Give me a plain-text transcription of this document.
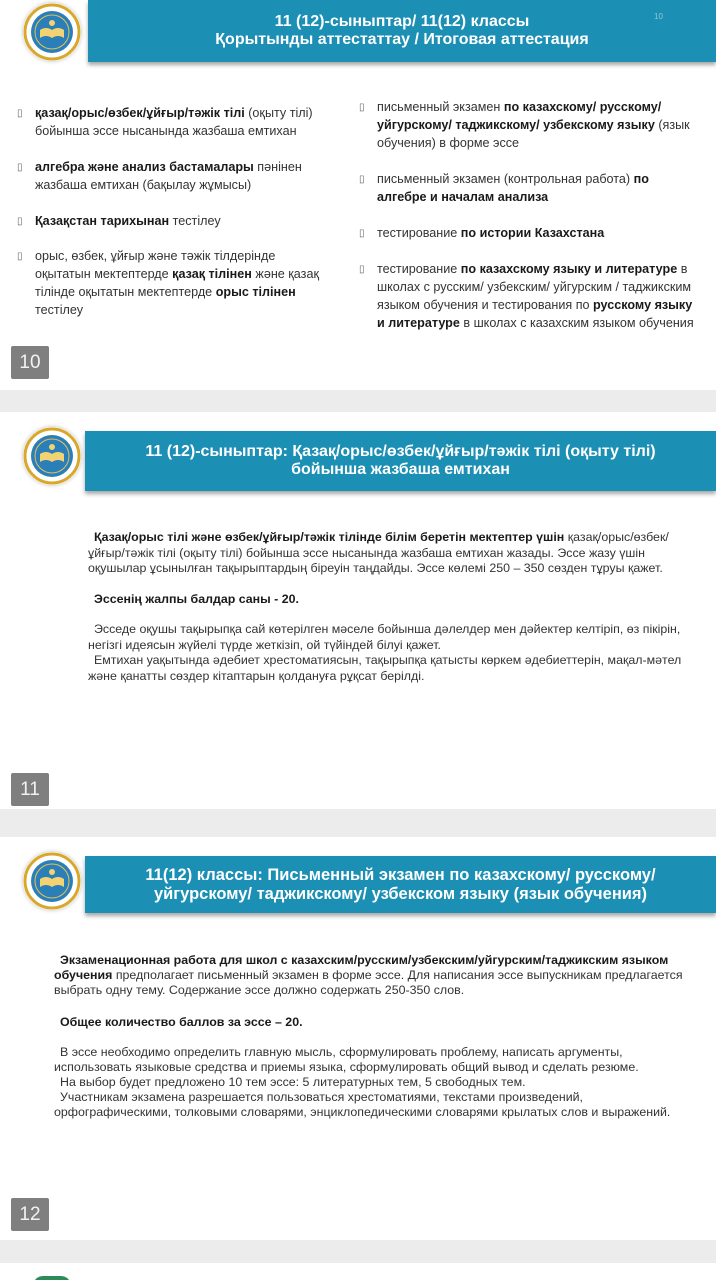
11 (12)-сыныптар/ 11(12) классы
Қорытынды аттестаттау / Итоговая аттестация
10
▯ қазақ/орыс/өзбек/ұйғыр/тәжік тілі (оқыту тілі) бойынша эссе нысанында жазбаша емтихан
▯ алгебра және анализ бастамалары пәнінен жазбаша емтихан (бақылау жұмысы)
▯ Қазақстан тарихынан тестілеу
▯ орыс, өзбек, ұйғыр және тәжік тілдерінде оқытатын мектептерде қазақ тілінен және қазақ тілінде оқытатын мектептерде орыс тілінен тестілеу
▯ письменный экзамен по казахскому/ русскому/ уйгурскому/ таджикскому/ узбекскому языку (язык обучения) в форме эссе
▯ письменный экзамен (контрольная работа) по алгебре и началам анализа
▯ тестирование по истории Казахстана
▯ тестирование по казахскому языку и литературе в школах с русским/ узбекским/ уйгурским / таджикским языком обучения и тестирования по русскому языку и литературе в школах с казахским языком обучения
10
11 (12)-сыныптар: Қазақ/орыс/өзбек/ұйғыр/тәжік тілі (оқыту тілі)
бойынша жазбаша емтихан

Қазақ/орыс тілі және өзбек/ұйғыр/тәжік тілінде білім беретін мектептер үшін қазақ/орыс/өзбек/ұйғыр/тәжік тілі (оқыту тілі) бойынша эссе нысанында жазбаша емтихан жазады. Эссе жазу үшін оқушылар ұсынылған тақырыптардың біреуін таңдайды. Эссе көлемі 250 – 350 сөзден тұруы қажет.

Эссенің жалпы балдар саны - 20.

Эсседе оқушы тақырыпқа сай көтерілген мәселе бойынша дәлелдер мен дәйектер келтіріп, өз пікірін, негізгі идеясын жүйелі түрде жеткізіп, ой түйіндей білуі қажет.

Емтихан уақытында әдебиет хрестоматиясын, тақырыпқа қатысты көркем әдебиеттерін, мақал-мәтел және қанатты сөздер кітаптарын қолдануға рұқсат берілді.

11
11(12) классы: Письменный экзамен по казахскому/ русскому/
уйгурскому/ таджикскому/ узбекском языку (язык обучения)

Экзаменационная работа для школ с казахским/русским/узбекским/уйгурским/таджикским языком обучения предполагает письменный экзамен в форме эссе. Для написания эссе выпускникам предлагается выбрать одну тему. Содержание эссе должно содержать 250-350 слов.

Общее количество баллов за эссе – 20.

В эссе необходимо определить главную мысль, сформулировать проблему, написать аргументы, использовать языковые средства и приемы языка, сформулировать общий вывод и сделать резюме.

На выбор будет предложено 10 тем эссе: 5 литературных тем, 5 свободных тем.

Участникам экзамена разрешается пользоваться хрестоматиями, текстами произведений, орфографическими, толковыми словарями, энциклопедическими словарями крылатых слов и выражений.

12
